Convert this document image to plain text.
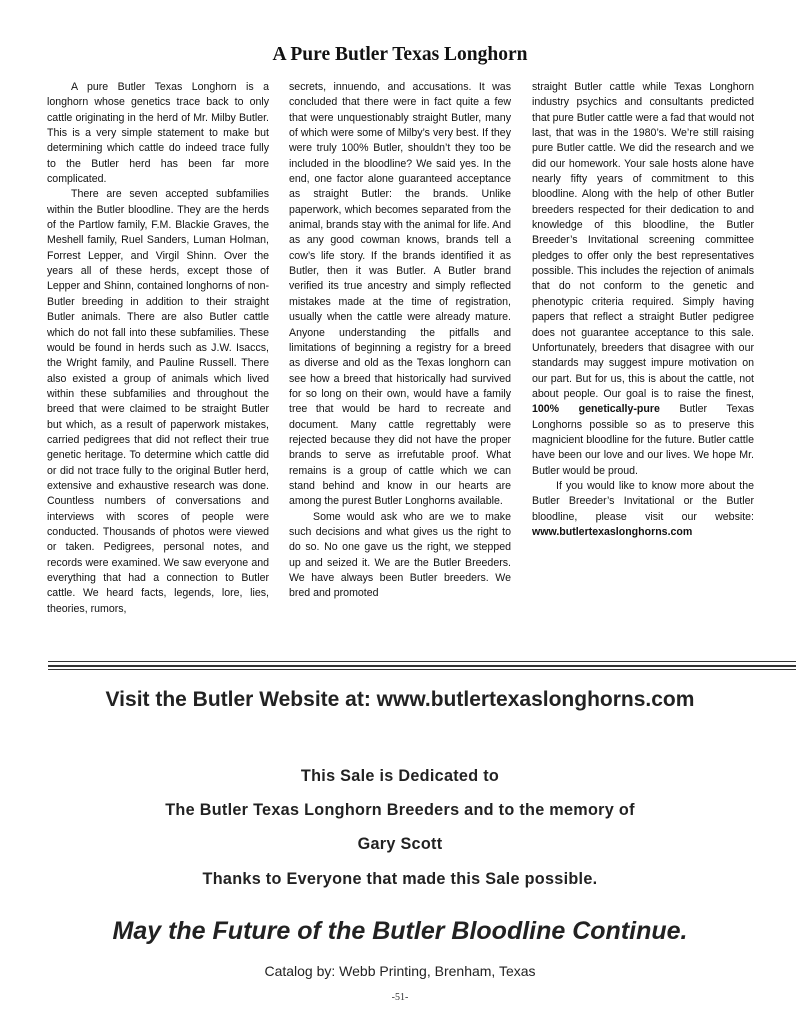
A Pure Butler Texas Longhorn

A pure Butler Texas Longhorn is a longhorn whose genetics trace back to only cattle originating in the herd of Mr. Milby Butler. This is a very simple statement to make but determining which cattle do indeed trace fully to the Butler herd has been far more complicated.

There are seven accepted subfamilies within the Butler bloodline. They are the herds of the Partlow family, F.M. Blackie Graves, the Meshell family, Ruel Sanders, Luman Holman, Forrest Lepper, and Virgil Shinn. Over the years all of these herds, except those of Lepper and Shinn, contained longhorns of non-Butler breeding in addition to their straight Butler animals. There are also Butler cattle which do not fall into these subfamilies. These would be found in herds such as J.W. Isaccs, the Wright family, and Pauline Russell. There also existed a group of animals which lived within these subfamilies and throughout the breed that were claimed to be straight Butler but which, as a result of paperwork mistakes, carried pedigrees that did not reflect their true genetic heritage. To determine which cattle did or did not trace fully to the original Butler herd, extensive and exhaustive research was done. Countless numbers of conversations and interviews with scores of people were conducted. Thousands of photos were viewed or taken. Pedigrees, personal notes, and records were examined. We saw everyone and everything that had a connection to Butler cattle. We heard facts, legends, lore, lies, theories, rumors,

secrets, innuendo, and accusations. It was concluded that there were in fact quite a few that were unquestionably straight Butler, many of which were some of Milby’s very best. If they were truly 100% Butler, shouldn’t they too be included in the bloodline? We said yes. In the end, one factor alone guaranteed acceptance as straight Butler: the brands. Unlike paperwork, which becomes separated from the animal, brands stay with the animal for life. And as any good cowman knows, brands tell a cow’s life story. If the brands identified it as Butler, then it was Butler. A Butler brand verified its true ancestry and simply reflected mistakes made at the time of registration, usually when the cattle were already mature. Anyone understanding the pitfalls and limitations of beginning a registry for a breed as diverse and old as the Texas longhorn can see how a breed that historically had survived for so long on their own, would have a family tree that would be hard to recreate and document. Many cattle regrettably were rejected because they did not have the proper brands to serve as irrefutable proof. What remains is a group of cattle which we can stand behind and know in our hearts are among the purest Butler Longhorns available.

Some would ask who are we to make such decisions and what gives us the right to do so. No one gave us the right, we stepped up and seized it. We are the Butler Breeders. We have always been Butler breeders. We bred and promoted

straight Butler cattle while Texas Longhorn industry psychics and consultants predicted that pure Butler cattle were a fad that would not last, that was in the 1980’s. We’re still raising pure Butler cattle. We did the research and we did our homework. Your sale hosts alone have nearly fifty years of commitment to this bloodline. Along with the help of other Butler breeders respected for their dedication to and knowledge of this bloodline, the Butler Breeder’s Invitational screening committee pledges to offer only the best representatives possible. This includes the rejection of animals that do not conform to the genetic and phenotypic criteria required. Simply having papers that reflect a straight Butler pedigree does not guarantee acceptance to this sale. Unfortunately, breeders that disagree with our standards may suggest impure motivation on our part. But for us, this is about the cattle, not about people. Our goal is to raise the finest, 100% genetically-pure Butler Texas Longhorns possible so as to preserve this magnicient bloodline for the future. Butler cattle have been our love and our lives. We hope Mr. Butler would be proud.

If you would like to know more about the Butler Breeder’s Invitational or the Butler bloodline, please visit our website: www.butlertexaslonghorns.com

Visit the Butler Website at: www.butlertexaslonghorns.com
This Sale is Dedicated to
The Butler Texas Longhorn Breeders and to the memory of
Gary Scott
Thanks to Everyone that made this Sale possible.
May the Future of the Butler Bloodline Continue.
Catalog by: Webb Printing, Brenham, Texas
-51-
